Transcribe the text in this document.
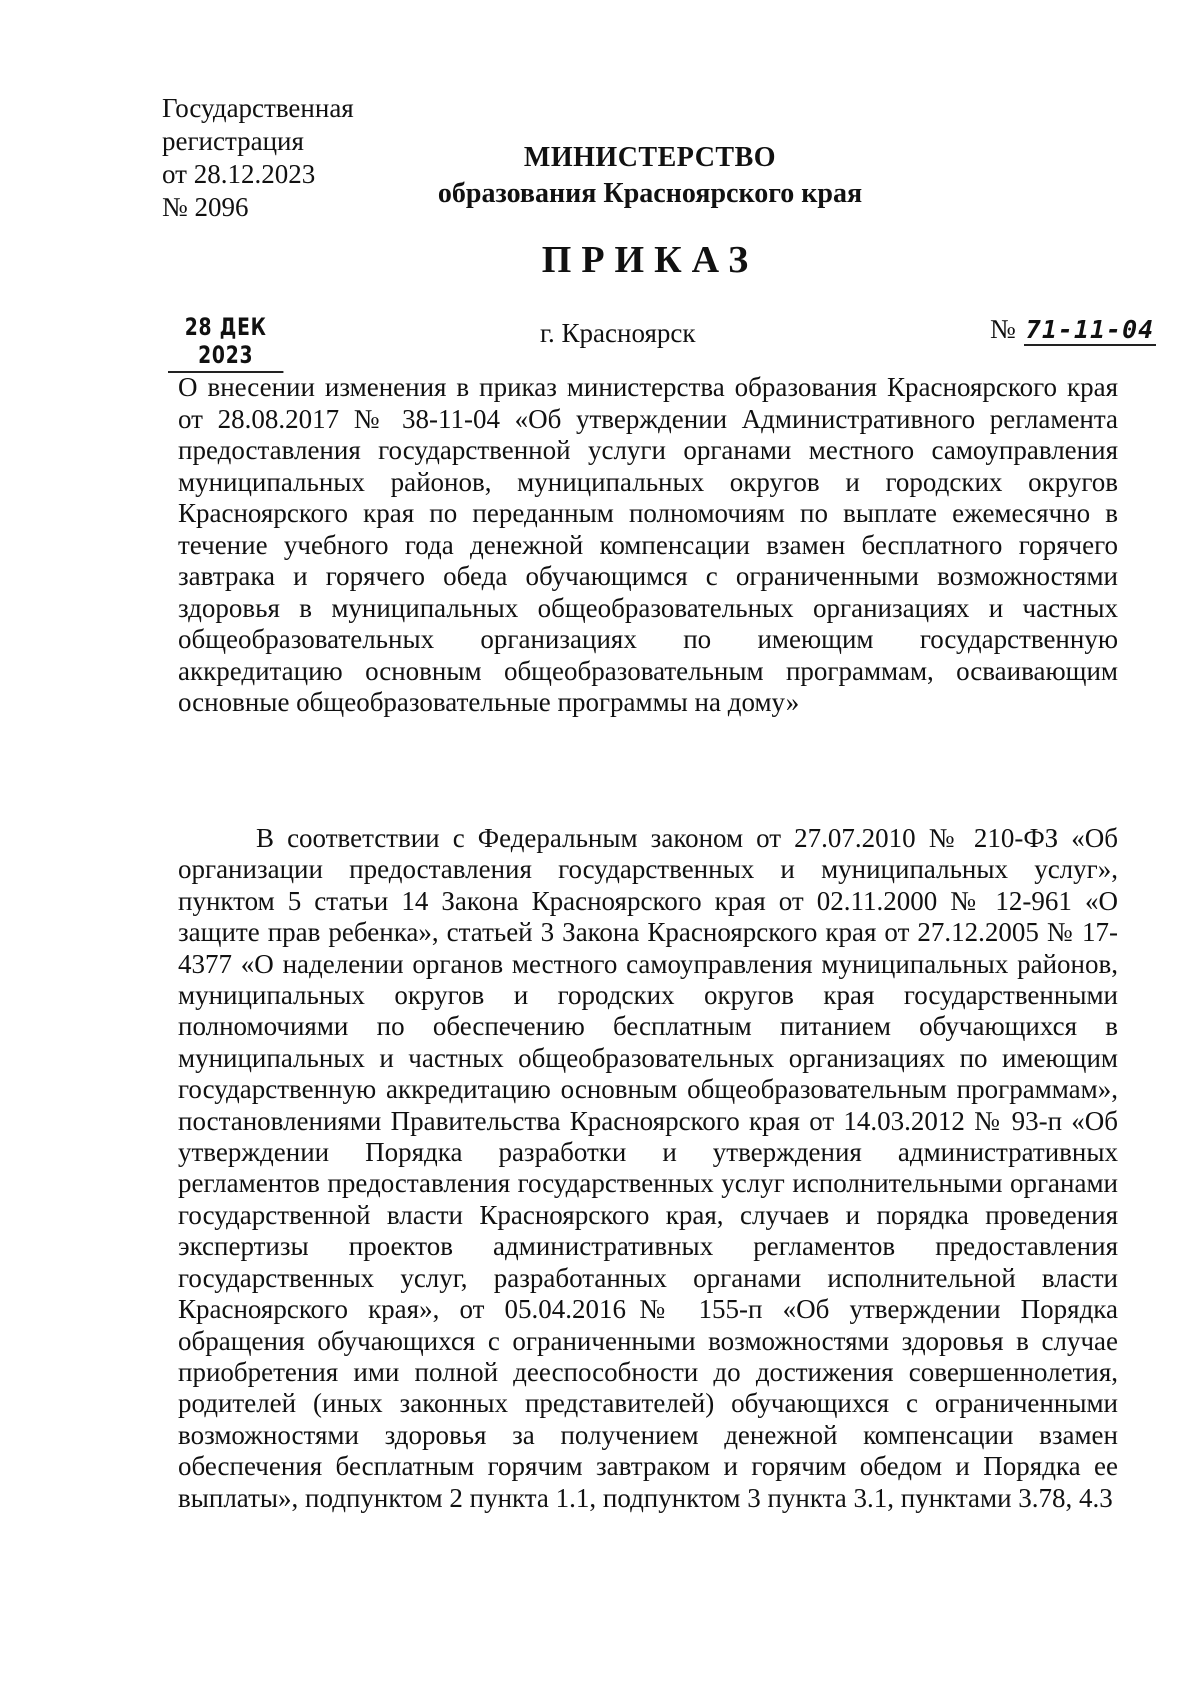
Государственная
регистрация
от 28.12.2023
№ 2096
МИНИСТЕРСТВО
образования Красноярского края
ПРИКАЗ
28 ДЕК 2023
г. Красноярск	№ 71-11-04
О внесении изменения в приказ министерства образования Красноярского края от 28.08.2017 № 38-11-04 «Об утверждении Административного регламента предоставления государственной услуги органами местного самоуправления муниципальных районов, муниципальных округов и городских округов Красноярского края по переданным полномочиям по выплате ежемесячно в течение учебного года денежной компенсации взамен бесплатного горячего завтрака и горячего обеда обучающимся с ограниченными возможностями здоровья в муниципальных общеобразовательных организациях и частных общеобразовательных организациях по имеющим государственную аккредитацию основным общеобразовательным программам, осваивающим основные общеобразовательные программы на дому»
В соответствии с Федеральным законом от 27.07.2010 № 210-ФЗ «Об организации предоставления государственных и муниципальных услуг», пунктом 5 статьи 14 Закона Красноярского края от 02.11.2000 № 12-961 «О защите прав ребенка», статьей 3 Закона Красноярского края от 27.12.2005 № 17-4377 «О наделении органов местного самоуправления муниципальных районов, муниципальных округов и городских округов края государственными полномочиями по обеспечению бесплатным питанием обучающихся в муниципальных и частных общеобразовательных организациях по имеющим государственную аккредитацию основным общеобразовательным программам», постановлениями Правительства Красноярского края от 14.03.2012 № 93-п «Об утверждении Порядка разработки и утверждения административных регламентов предоставления государственных услуг исполнительными органами государственной власти Красноярского края, случаев и порядка проведения экспертизы проектов административных регламентов предоставления государственных услуг, разработанных органами исполнительной власти Красноярского края», от 05.04.2016№ 155-п «Об утверждении Порядка обращения обучающихся с ограниченными возможностями здоровья в случае приобретения ими полной дееспособности до достижения совершеннолетия, родителей (иных законных представителей) обучающихся с ограниченными возможностями здоровья за получением денежной компенсации взамен обеспечения бесплатным горячим завтраком и горячим обедом и Порядка ее выплаты», подпунктом 2 пункта 1.1, подпунктом 3 пункта 3.1, пунктами 3.78, 4.3
